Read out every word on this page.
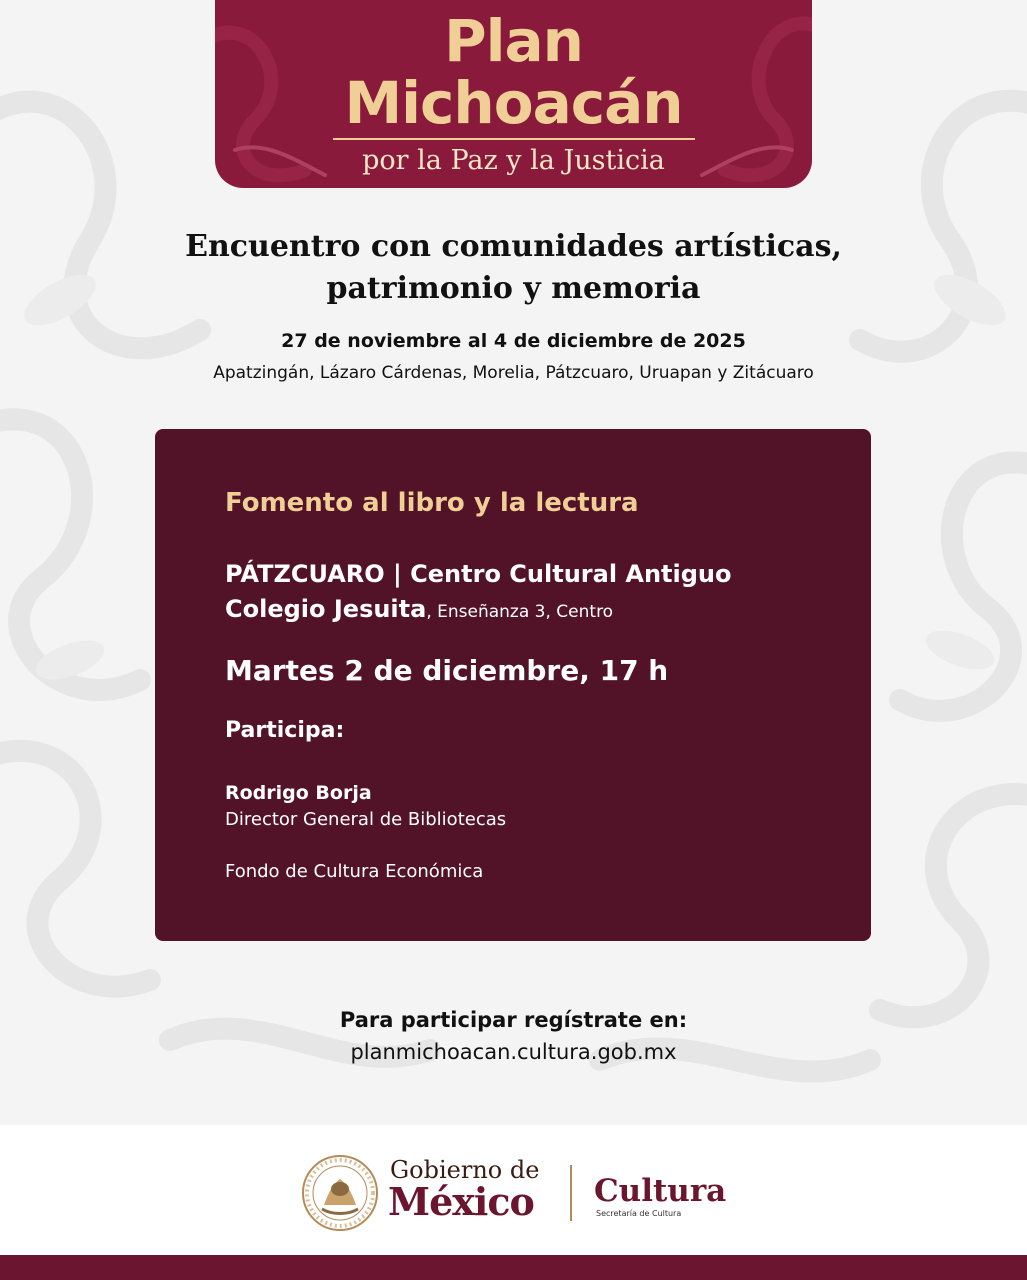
Plan
Michoacán
por la Paz y la Justicia
Encuentro con comunidades artísticas, patrimonio y memoria
27 de noviembre al 4 de diciembre de 2025
Apatzingán, Lázaro Cárdenas, Morelia, Pátzcuaro, Uruapan y Zitácuaro
Fomento al libro y la lectura
PÁTZCUARO | Centro Cultural Antiguo Colegio Jesuita, Enseñanza 3, Centro
Martes 2 de diciembre, 17 h
Participa:
Rodrigo Borja
Director General de Bibliotecas
Fondo de Cultura Económica
Para participar regístrate en:
planmichoacan.cultura.gob.mx
Gobierno de
México Cultura
Secretaría de Cultura
